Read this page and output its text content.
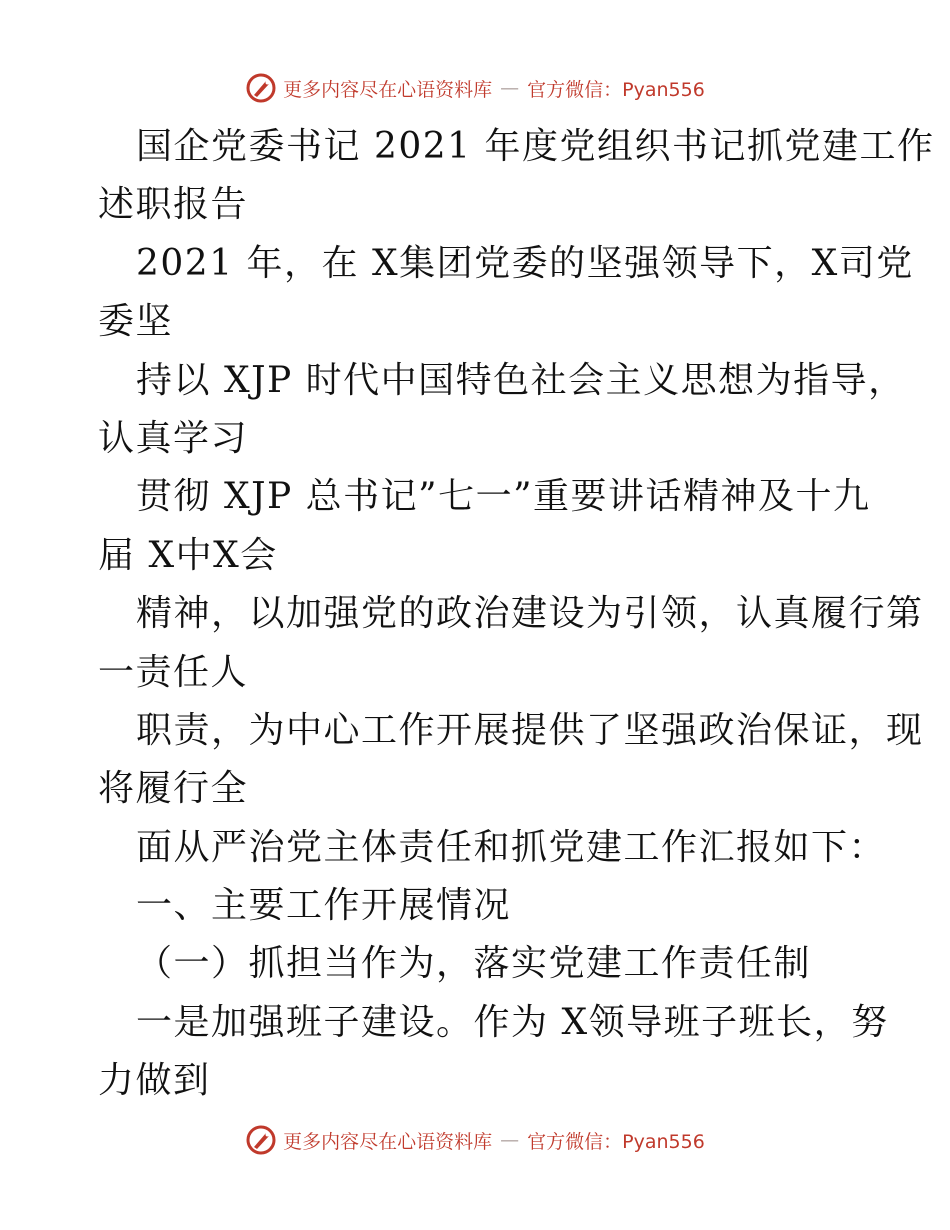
更多内容尽在心语资料库 — 官方微信：Pyan556
国企党委书记 2021 年度党组织书记抓党建工作
述职报告
2021 年，在 X集团党委的坚强领导下，X司党
委坚
持以 XJP 时代中国特色社会主义思想为指导，
认真学习
贯彻 XJP 总书记”七一”重要讲话精神及十九
届 X中X会
精神，以加强党的政治建设为引领，认真履行第
一责任人
职责，为中心工作开展提供了坚强政治保证，现
将履行全
面从严治党主体责任和抓党建工作汇报如下：
一、主要工作开展情况
（一）抓担当作为，落实党建工作责任制
一是加强班子建设。作为 X领导班子班长，努
力做到
更多内容尽在心语资料库 — 官方微信：Pyan556
